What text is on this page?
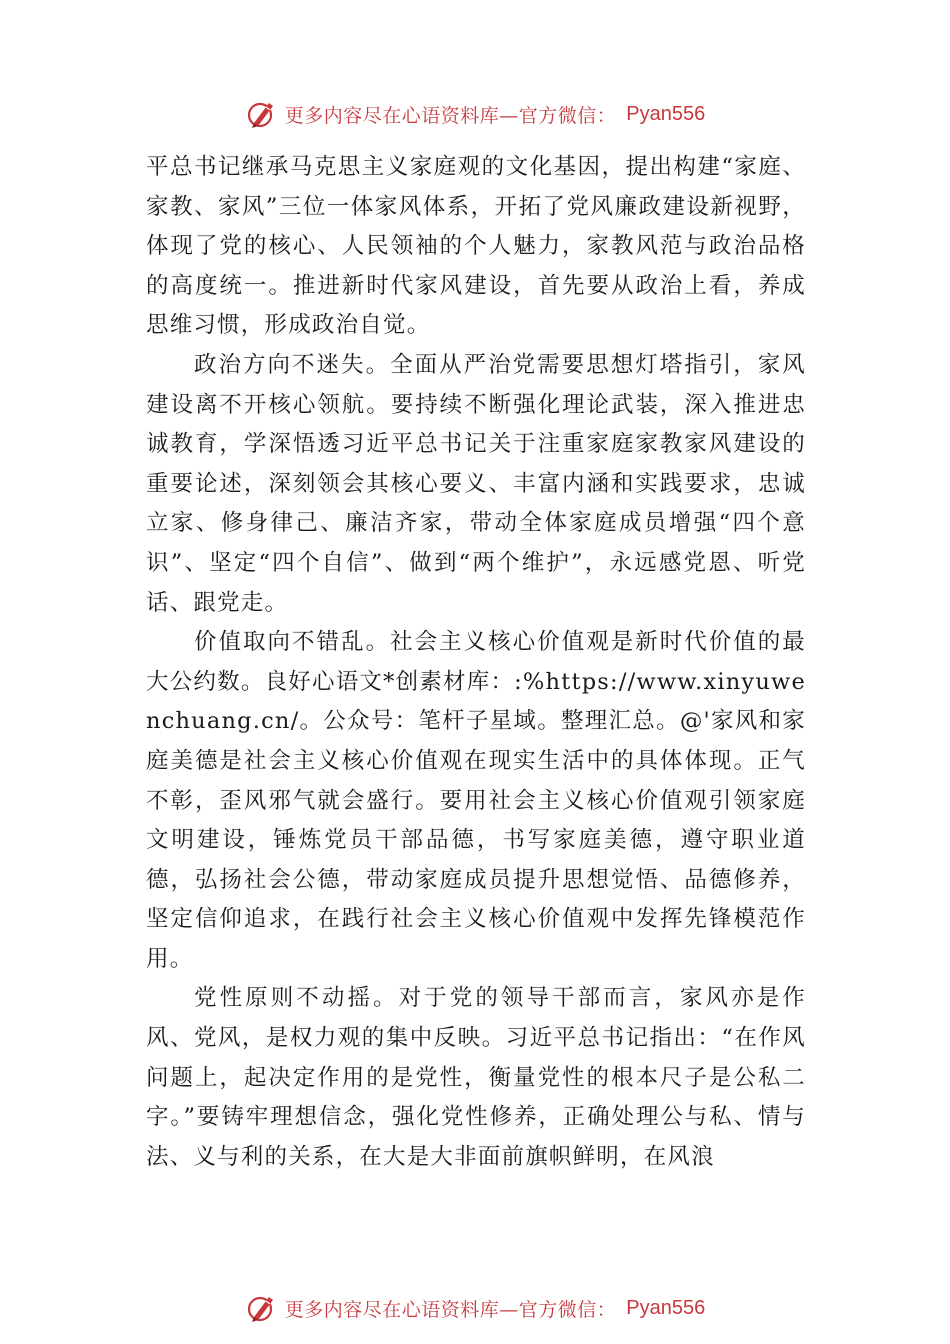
更多内容尽在心语资料库—官方微信： Pyan556

平总书记继承马克思主义家庭观的文化基因，提出构建“家庭、家教、家风”三位一体家风体系，开拓了党风廉政建设新视野，体现了党的核心、人民领袖的个人魅力，家教风范与政治品格的高度统一。推进新时代家风建设，首先要从政治上看，养成思维习惯，形成政治自觉。

政治方向不迷失。全面从严治党需要思想灯塔指引，家风建设离不开核心领航。要持续不断强化理论武装，深入推进忠诚教育，学深悟透习近平总书记关于注重家庭家教家风建设的重要论述，深刻领会其核心要义、丰富内涵和实践要求，忠诚立家、修身律己、廉洁齐家，带动全体家庭成员增强“四个意识”、坚定“四个自信”、做到“两个维护”，永远感党恩、听党话、跟党走。

价值取向不错乱。社会主义核心价值观是新时代价值的最大公约数。良好心语文*创素材库：:%https://www.xinyuwenchuang.cn/。公众号：笔杆子星域。整理汇总。@'家风和家庭美德是社会主义核心价值观在现实生活中的具体体现。正气不彰，歪风邪气就会盛行。要用社会主义核心价值观引领家庭文明建设，锤炼党员干部品德，书写家庭美德，遵守职业道德，弘扬社会公德，带动家庭成员提升思想觉悟、品德修养，坚定信仰追求，在践行社会主义核心价值观中发挥先锋模范作用。

党性原则不动摇。对于党的领导干部而言，家风亦是作风、党风，是权力观的集中反映。习近平总书记指出：“在作风问题上，起决定作用的是党性，衡量党性的根本尺子是公私二字。”要铸牢理想信念，强化党性修养，正确处理公与私、情与法、义与利的关系，在大是大非面前旗帜鲜明，在风浪

更多内容尽在心语资料库—官方微信： Pyan556
